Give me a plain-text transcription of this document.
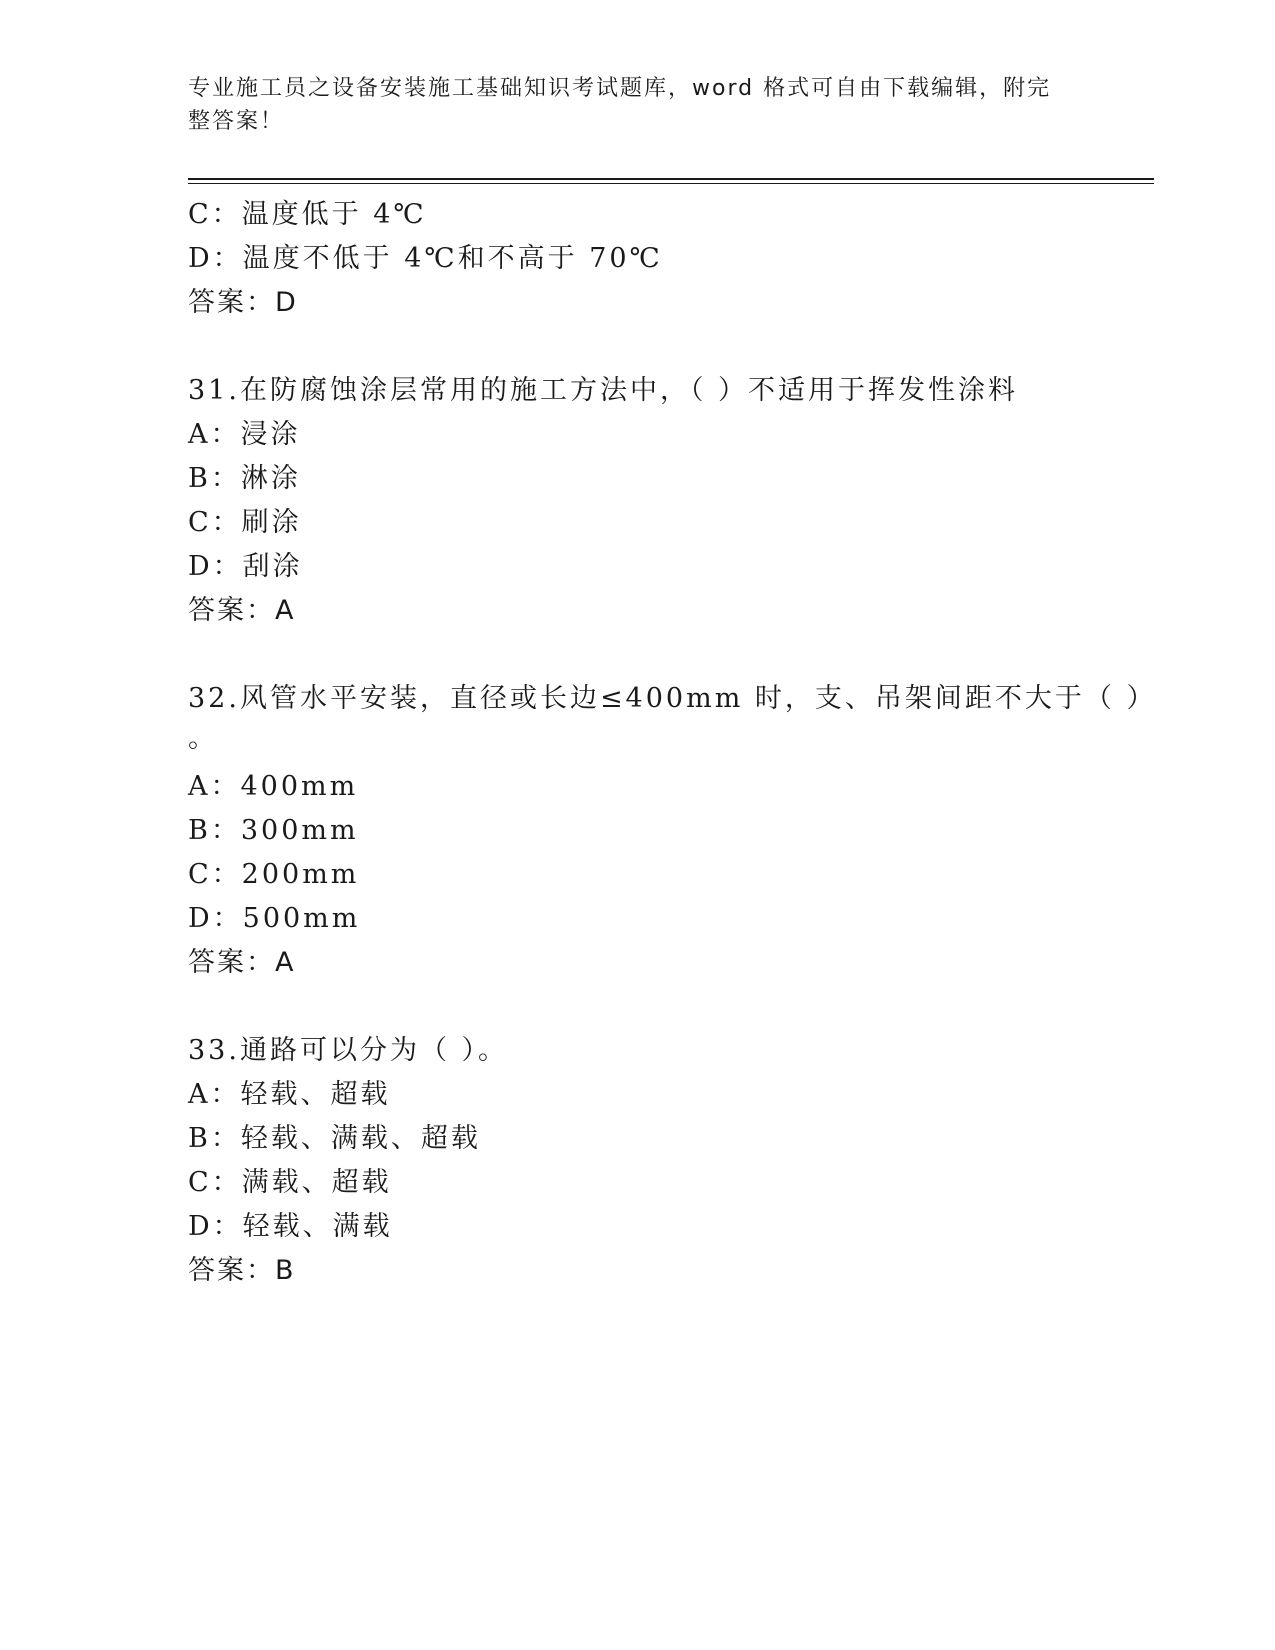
专业施工员之设备安装施工基础知识考试题库，word 格式可自由下载编辑，附完
整答案！
C：温度低于 4℃
D：温度不低于 4℃和不高于 70℃
答案：D
31.在防腐蚀涂层常用的施工方法中，（ ）不适用于挥发性涂料
A：浸涂
B：淋涂
C：刷涂
D：刮涂
答案：A
32.风管水平安装，直径或长边≤400mm 时，支、吊架间距不大于（ ）
。
A：400mm
B：300mm
C：200mm
D：500mm
答案：A
33.通路可以分为（ ）。
A：轻载、超载
B：轻载、满载、超载
C：满载、超载
D：轻载、满载
答案：B
